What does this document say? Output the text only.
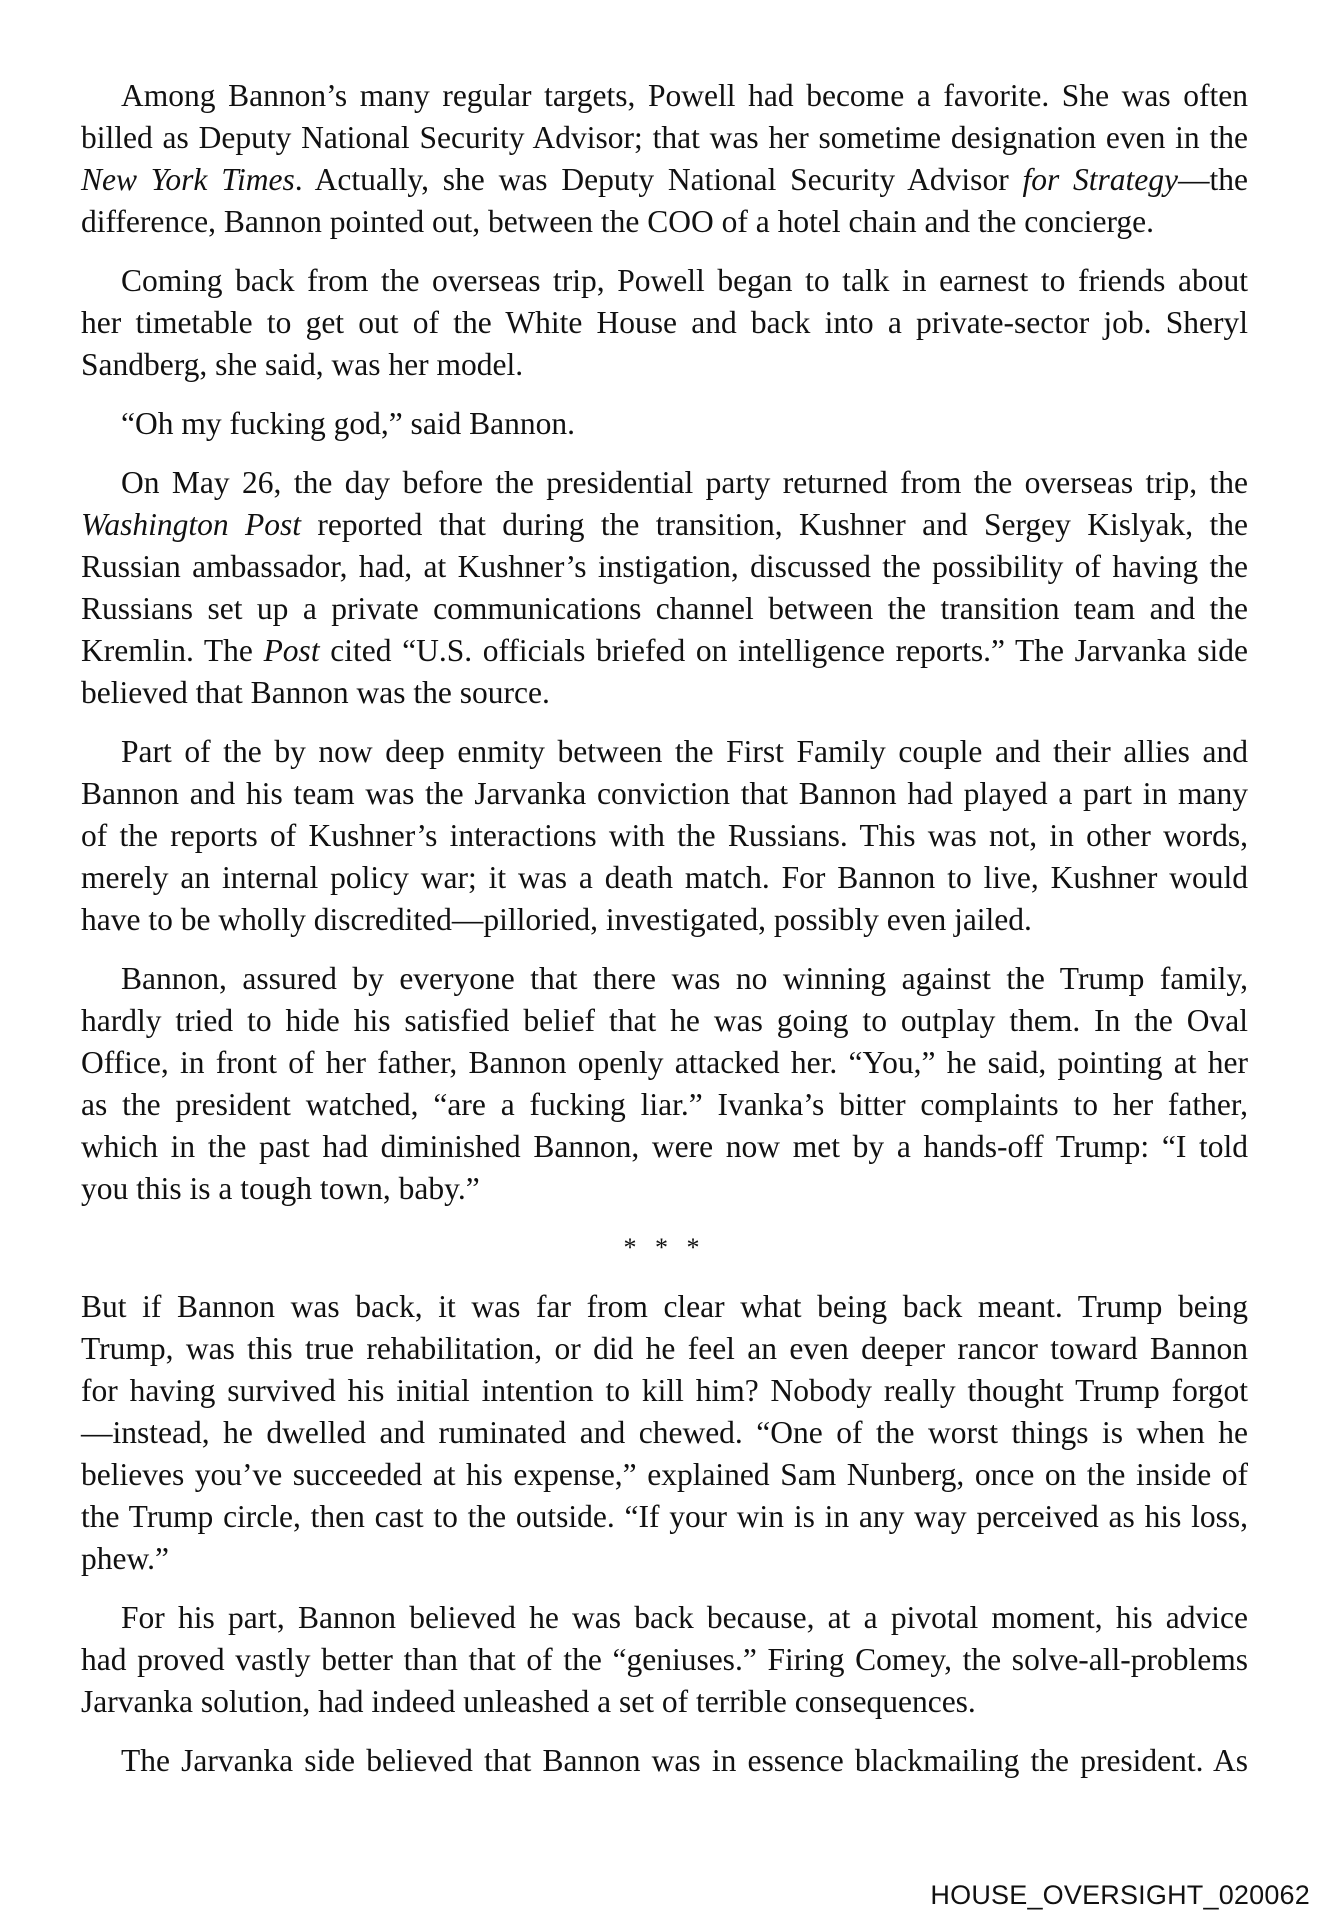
Among Bannon’s many regular targets, Powell had become a favorite. She was often
billed as Deputy National Security Advisor; that was her sometime designation even in the
New York Times. Actually, she was Deputy National Security Advisor for Strategy—the
difference, Bannon pointed out, between the COO of a hotel chain and the concierge.
Coming back from the overseas trip, Powell began to talk in earnest to friends about
her timetable to get out of the White House and back into a private-sector job. Sheryl
Sandberg, she said, was her model.
“Oh my fucking god,” said Bannon.
On May 26, the day before the presidential party returned from the overseas trip, the
Washington Post reported that during the transition, Kushner and Sergey Kislyak, the
Russian ambassador, had, at Kushner’s instigation, discussed the possibility of having the
Russians set up a private communications channel between the transition team and the
Kremlin. The Post cited “U.S. officials briefed on intelligence reports.” The Jarvanka side
believed that Bannon was the source.
Part of the by now deep enmity between the First Family couple and their allies and
Bannon and his team was the Jarvanka conviction that Bannon had played a part in many
of the reports of Kushner’s interactions with the Russians. This was not, in other words,
merely an internal policy war; it was a death match. For Bannon to live, Kushner would
have to be wholly discredited—pilloried, investigated, possibly even jailed.
Bannon, assured by everyone that there was no winning against the Trump family,
hardly tried to hide his satisfied belief that he was going to outplay them. In the Oval
Office, in front of her father, Bannon openly attacked her. “You,” he said, pointing at her
as the president watched, “are a fucking liar.” Ivanka’s bitter complaints to her father,
which in the past had diminished Bannon, were now met by a hands-off Trump: “I told
you this is a tough town, baby.”
* * *
But if Bannon was back, it was far from clear what being back meant. Trump being
Trump, was this true rehabilitation, or did he feel an even deeper rancor toward Bannon
for having survived his initial intention to kill him? Nobody really thought Trump forgot
—instead, he dwelled and ruminated and chewed. “One of the worst things is when he
believes you’ve succeeded at his expense,” explained Sam Nunberg, once on the inside of
the Trump circle, then cast to the outside. “If your win is in any way perceived as his loss,
phew.”
For his part, Bannon believed he was back because, at a pivotal moment, his advice
had proved vastly better than that of the “geniuses.” Firing Comey, the solve-all-problems
Jarvanka solution, had indeed unleashed a set of terrible consequences.
The Jarvanka side believed that Bannon was in essence blackmailing the president. As
HOUSE_OVERSIGHT_020062
